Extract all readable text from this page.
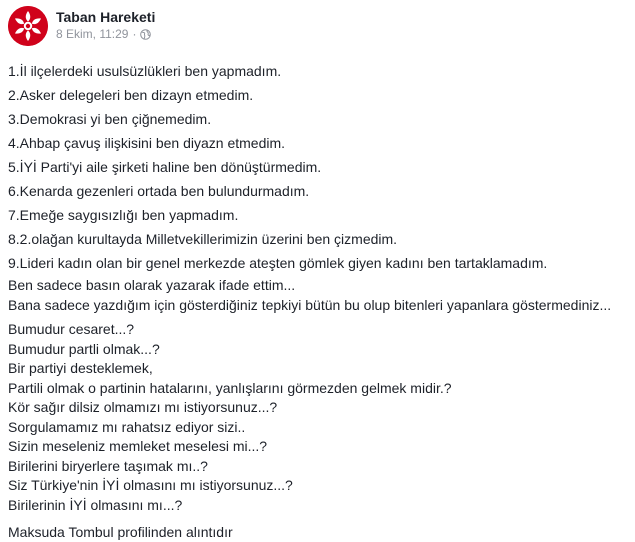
Taban Hareketi
8 Ekim, 11:29 ·
1.İl ilçelerdeki usulsüzlükleri ben yapmadım.
2.Asker delegeleri ben dizayn etmedim.
3.Demokrasi yi ben çiğnemedim.
4.Ahbap çavuş ilişkisini ben diyazn etmedim.
5.İYİ Parti'yi aile şirketi haline ben dönüştürmedim.
6.Kenarda gezenleri ortada ben bulundurmadım.
7.Emeğe saygısızlığı ben yapmadım.
8.2.olağan kurultayda Milletvekillerimizin üzerini ben çizmedim.
9.Lideri kadın olan bir genel merkezde ateşten gömlek giyen kadını ben tartaklamadım.
Ben sadece basın olarak yazarak ifade ettim...
Bana sadece yazdığım için gösterdiğiniz tepkiyi bütün bu olup bitenleri yapanlara göstermediniz...
Bumudur cesaret...?
Bumudur partli olmak...?
Bir partiyi desteklemek,
Partili olmak o partinin hatalarını, yanlışlarını görmezden gelmek midir.?
Kör sağır dilsiz olmamızı mı istiyorsunuz...?
Sorgulamamız mı rahatsız ediyor sizi..
Sizin meseleniz memleket meselesi mi...?
Birilerini biryerlere taşımak mı..?
Siz Türkiye'nin İYİ olmasını mı istiyorsunuz...?
Birilerinin İYİ olmasını mı...?
Maksuda Tombul profilinden alıntıdır
